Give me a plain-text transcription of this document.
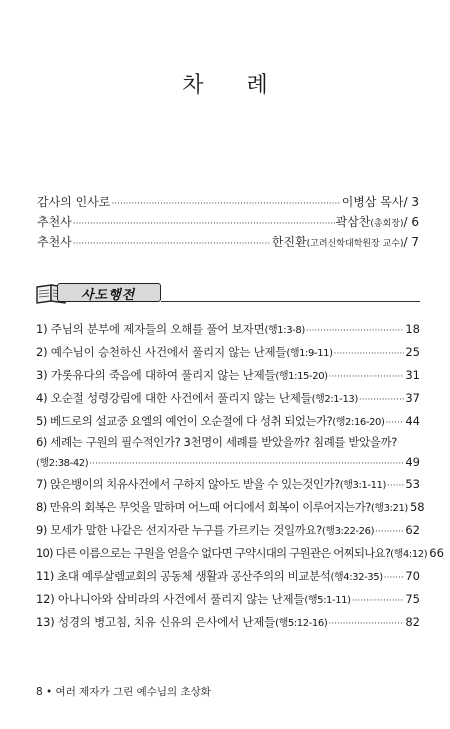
차 례
감사의 인사로 ·····	이병삼 목사 / 3
추천사 ·····	곽삼찬(총회장) / 6
추천사 ·····	한진환(고려신학대학원장 교수) / 7
사도행전
1) 주님의 분부에 제자들의 오해를 풀어 보자면(행1:3-8) ·····	18
2) 예수님이 승천하신 사건에서 풀리지 않는 난제들(행1:9-11) ·····	25
3) 가롯유다의 죽음에 대하여 풀리지 않는 난제들(행1:15-20) ·····	31
4) 오순절 성령강림에 대한 사건에서 풀리지 않는 난제들(행2:1-13) ·····	37
5) 베드로의 설교중 요엘의 예언이 오순절에 다 성취 되었는가?(행2:16-20) ····· 44
6) 세례는 구원의 필수적인가? 3천명이 세례를 받았을까? 침례를 받았을까?
(행2:38-42) ·····	49
7) 앉은뱅이의 치유사건에서 구하지 않아도 받을 수 있는것인가?(행3:1-11) ····· 53
8) 만유의 회복은 무엇을 말하며 어느때 어디에서 회복이 이루어지는가?(행3:21) 58
9) 모세가 말한 나같은 선지자란 누구를 가르키는 것일까요?(행3:22-26) ·····	62
10) 다른 이름으로는 구원을 얻을수 없다면 구약시대의 구원관은 어찌되나요?(행4:12) 66
11) 초대 예루살렘교회의 공동체 생활과 공산주의의 비교분석(행4:32-35) ····· 70
12) 아나니아와 삽비라의 사건에서 풀리지 않는 난제들(행5:1-11) ·····	75
13) 성경의 병고침, 치유 신유의 은사에서 난제들(행5:12-16) ·····	82
8 • 여러 제자가 그린 예수님의 초상화
